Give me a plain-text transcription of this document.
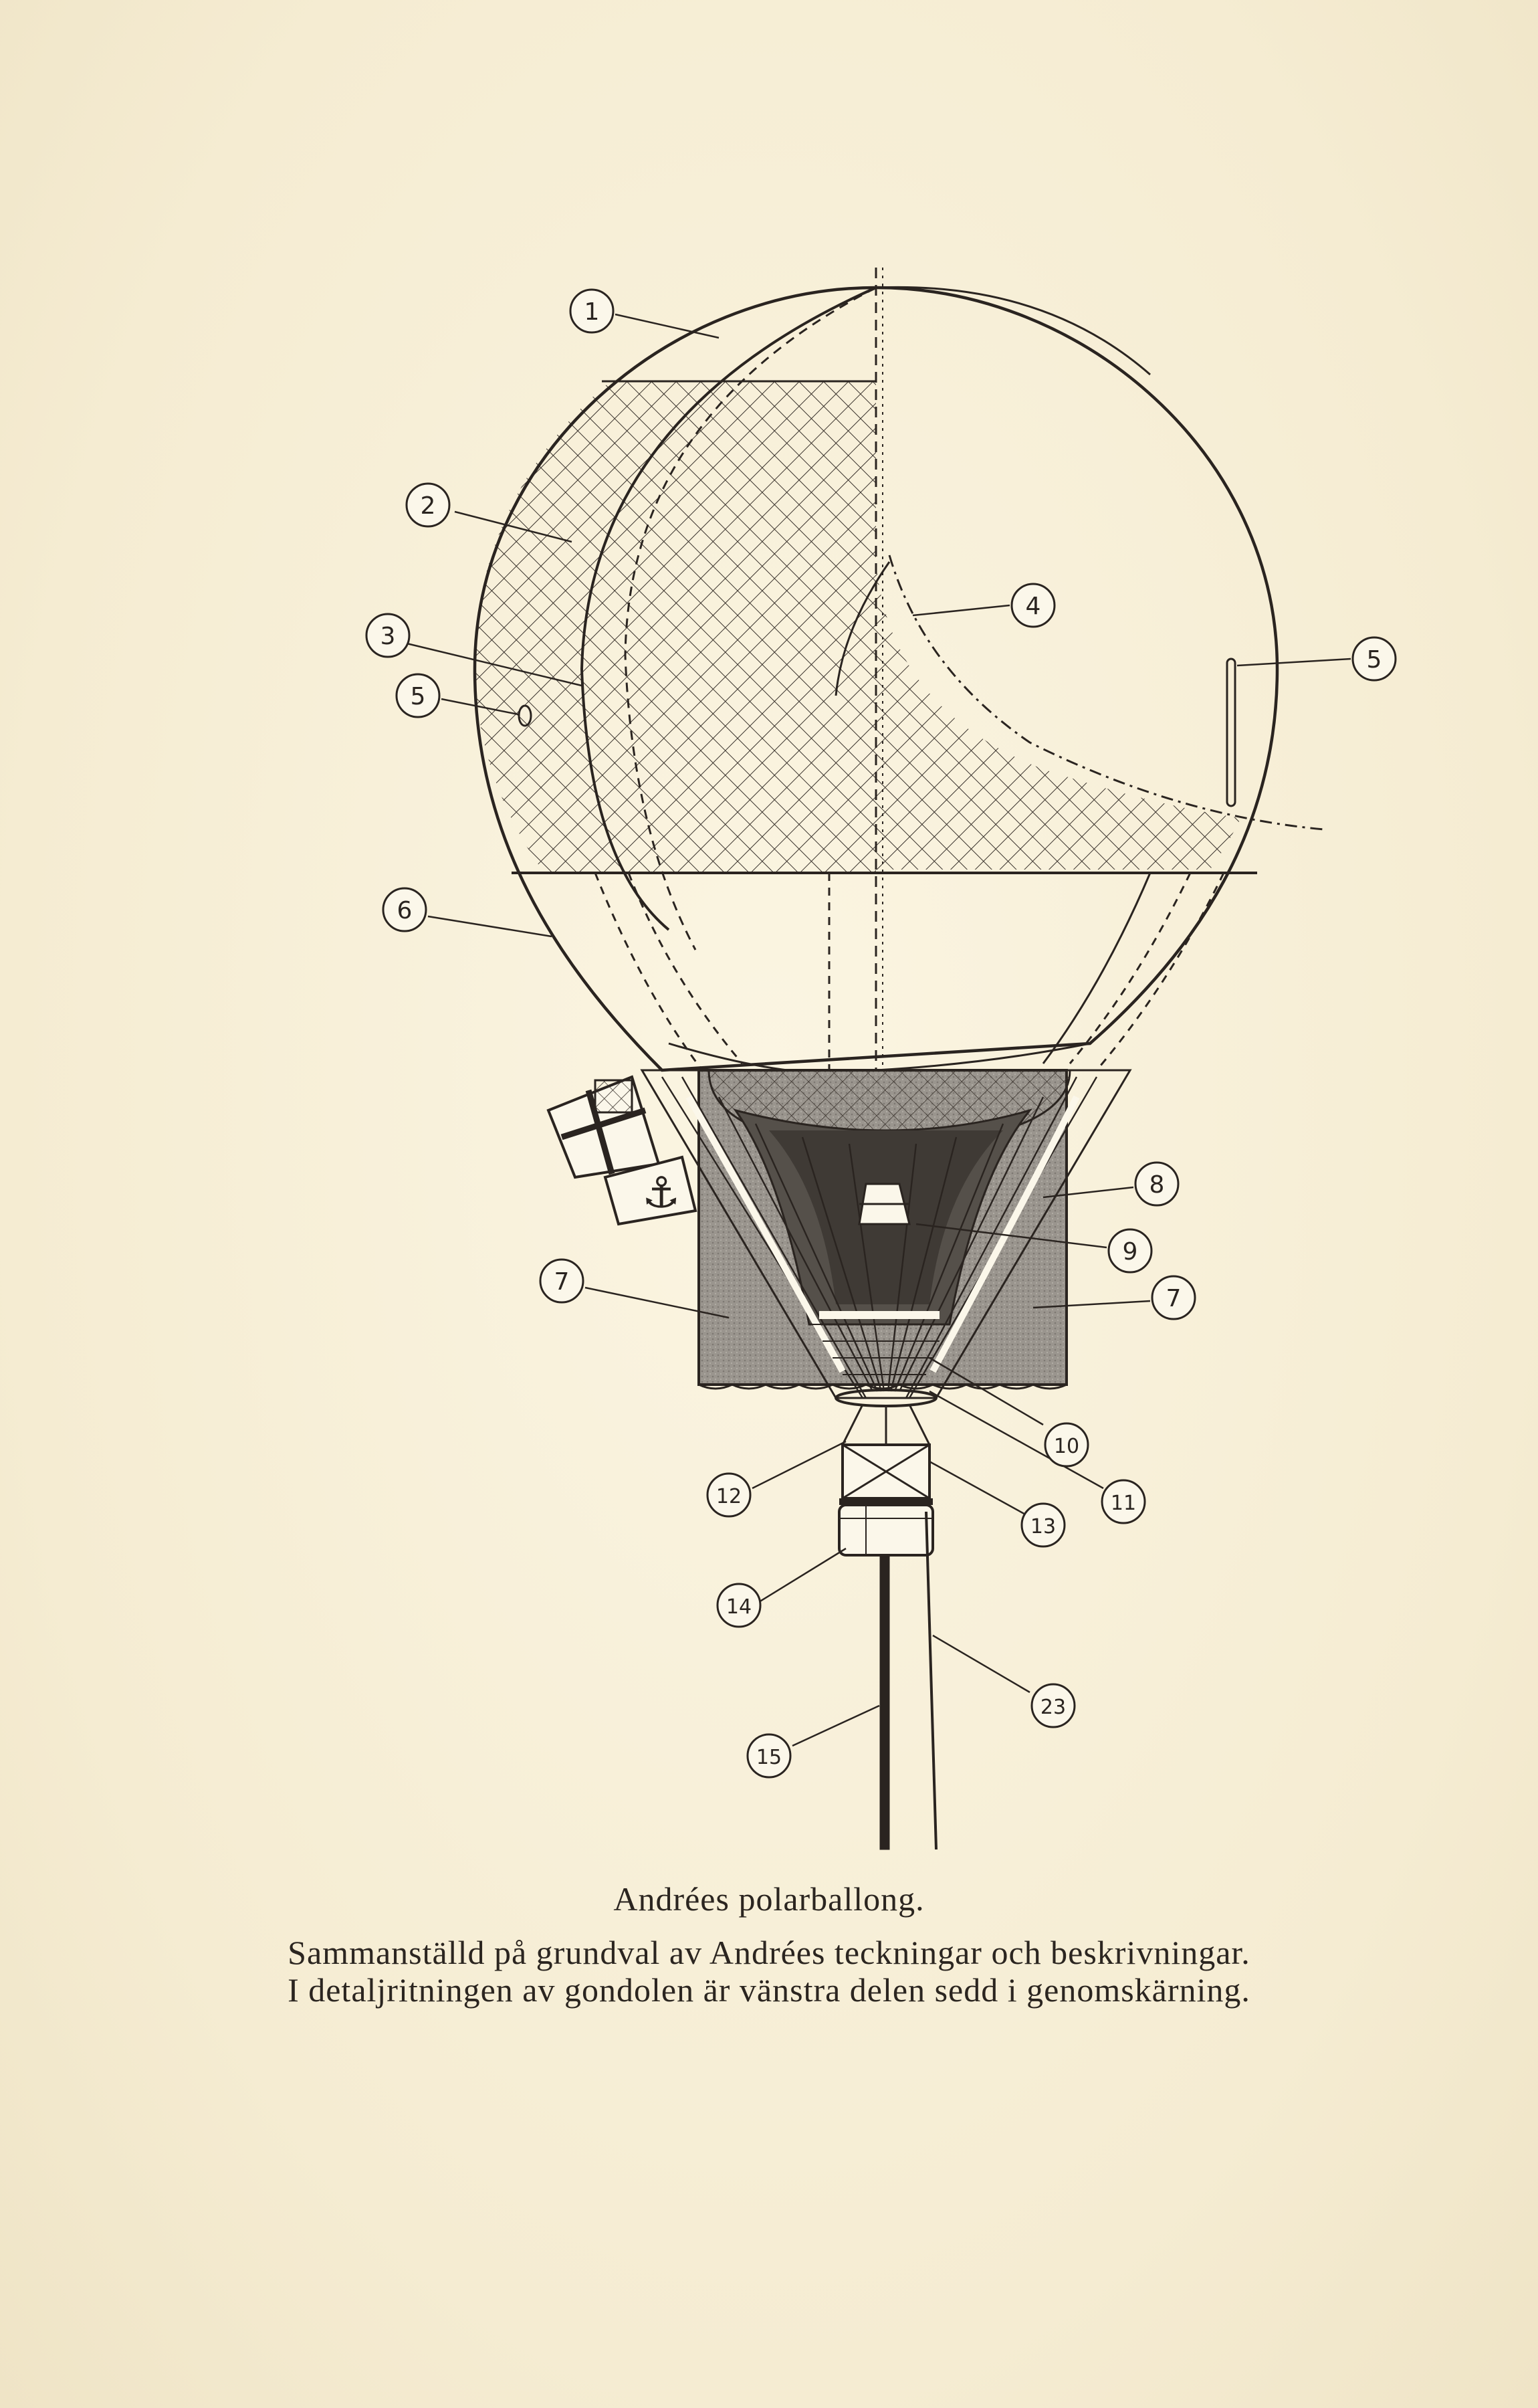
⚓
1
2
3
5
4
5
6
7
8
9
7
10
11
12
13
14
23
15
Andrées polarballong.
Sammanställd på grundval av Andrées teckningar och beskrivningar.
I detaljritningen av gondolen är vänstra delen sedd i genomskärning.
